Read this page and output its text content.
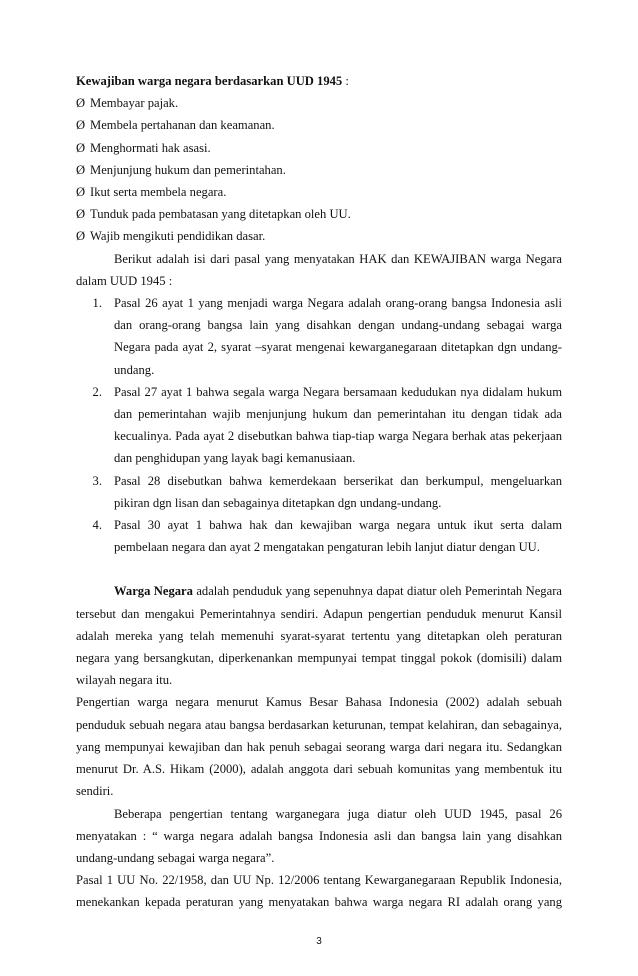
Kewajiban warga negara berdasarkan UUD 1945 :

Ø Membayar pajak.
Ø Membela pertahanan dan keamanan.
Ø Menghormati hak asasi.
Ø Menjunjung hukum dan pemerintahan.
Ø Ikut serta membela negara.
Ø Tunduk pada pembatasan yang ditetapkan oleh UU.
Ø Wajib mengikuti pendidikan dasar.

Berikut adalah isi dari pasal yang menyatakan HAK dan KEWAJIBAN warga Negara dalam UUD 1945 :

1. Pasal 26 ayat 1 yang menjadi warga Negara adalah orang-orang bangsa Indonesia asli dan orang-orang bangsa lain yang disahkan dengan undang-undang sebagai warga Negara pada ayat 2, syarat –syarat mengenai kewarganegaraan ditetapkan dgn undang-undang.
2. Pasal 27 ayat 1 bahwa segala warga Negara bersamaan kedudukan nya didalam hukum dan pemerintahan wajib menjunjung hukum dan pemerintahan itu dengan tidak ada kecualinya. Pada ayat 2 disebutkan bahwa tiap-tiap warga Negara berhak atas pekerjaan dan penghidupan yang layak bagi kemanusiaan.
3. Pasal 28 disebutkan bahwa kemerdekaan berserikat dan berkumpul, mengeluarkan pikiran dgn lisan dan sebagainya ditetapkan dgn undang-undang.
4. Pasal 30 ayat 1 bahwa hak dan kewajiban warga negara untuk ikut serta dalam pembelaan negara dan ayat 2 mengatakan pengaturan lebih lanjut diatur dengan UU.

Warga Negara adalah penduduk yang sepenuhnya dapat diatur oleh Pemerintah Negara tersebut dan mengakui Pemerintahnya sendiri. Adapun pengertian penduduk menurut Kansil adalah mereka yang telah memenuhi syarat-syarat tertentu yang ditetapkan oleh peraturan negara yang bersangkutan, diperkenankan mempunyai tempat tinggal pokok (domisili) dalam wilayah negara itu.

Pengertian warga negara menurut Kamus Besar Bahasa Indonesia (2002) adalah sebuah penduduk sebuah negara atau bangsa berdasarkan keturunan, tempat kelahiran, dan sebagainya, yang mempunyai kewajiban dan hak penuh sebagai seorang warga dari negara itu. Sedangkan menurut Dr. A.S. Hikam (2000), adalah anggota dari sebuah komunitas yang membentuk itu sendiri.

Beberapa pengertian tentang warganegara juga diatur oleh UUD 1945, pasal 26 menyatakan : “ warga negara adalah bangsa Indonesia asli dan bangsa lain yang disahkan undang-undang sebagai warga negara”.

Pasal 1 UU No. 22/1958, dan UU Np. 12/2006 tentang Kewarganegaraan Republik Indonesia, menekankan kepada peraturan yang menyatakan bahwa warga negara RI adalah orang yang

3
